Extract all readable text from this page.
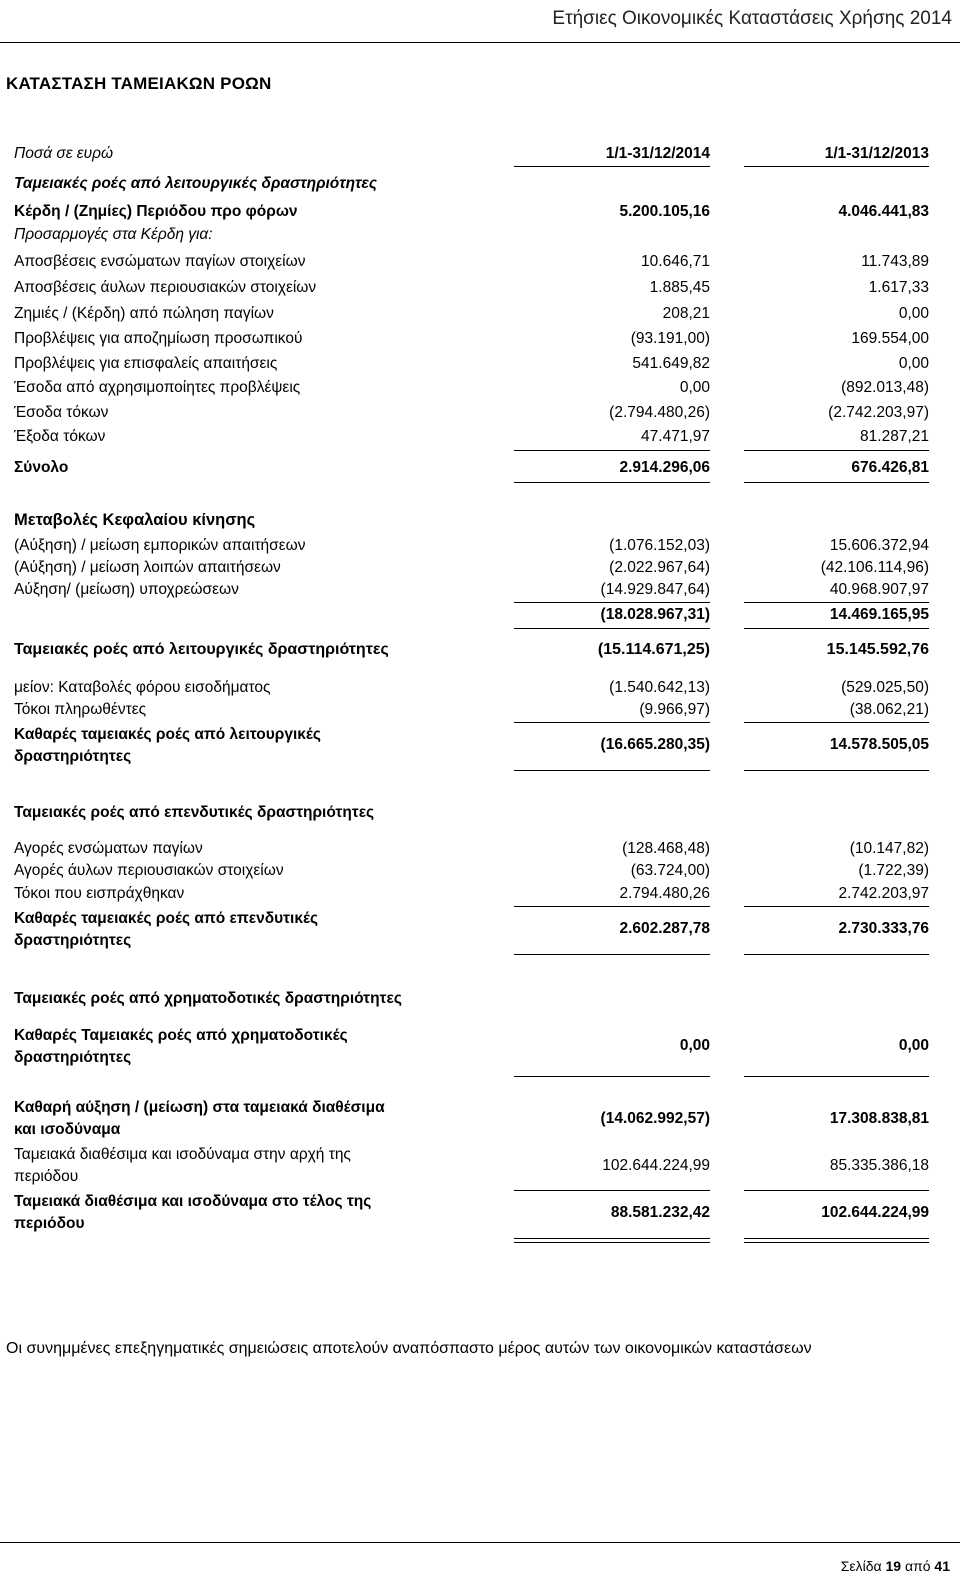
Ετήσιες Οικονομικές Καταστάσεις Χρήσης 2014
ΚΑΤΑΣΤΑΣΗ ΤΑΜΕΙΑΚΩΝ ΡΟΩΝ
Ποσά σε ευρώ	1/1-31/12/2014	1/1-31/12/2013
Ταμειακές ροές από λειτουργικές δραστηριότητες
Κέρδη / (Ζημίες) Περιόδου προ φόρων	5.200.105,16	4.046.441,83
Προσαρμογές στα Κέρδη για:
Αποσβέσεις ενσώματων παγίων στοιχείων	10.646,71	11.743,89
Αποσβέσεις άυλων περιουσιακών στοιχείων	1.885,45	1.617,33
Ζημιές / (Κέρδη) από πώληση παγίων	208,21	0,00
Προβλέψεις για αποζημίωση προσωπικού	(93.191,00)	169.554,00
Προβλέψεις για επισφαλείς απαιτήσεις	541.649,82	0,00
Έσοδα από αχρησιμοποίητες προβλέψεις	0,00	(892.013,48)
Έσοδα τόκων	(2.794.480,26)	(2.742.203,97)
Έξοδα τόκων	47.471,97	81.287,21
Σύνολο	2.914.296,06	676.426,81
Μεταβολές Κεφαλαίου κίνησης
(Αύξηση) / μείωση εμπορικών απαιτήσεων	(1.076.152,03)	15.606.372,94
(Αύξηση) / μείωση λοιπών απαιτήσεων	(2.022.967,64)	(42.106.114,96)
Αύξηση/ (μείωση) υποχρεώσεων	(14.929.847,64)	40.968.907,97
(18.028.967,31)	14.469.165,95
Ταμειακές ροές από λειτουργικές δραστηριότητες	(15.114.671,25)	15.145.592,76
μείον: Καταβολές φόρου εισοδήματος	(1.540.642,13)	(529.025,50)
Τόκοι πληρωθέντες	(9.966,97)	(38.062,21)
Καθαρές ταμειακές ροές από λειτουργικές
δραστηριότητες
(16.665.280,35)	14.578.505,05
Ταμειακές ροές από επενδυτικές δραστηριότητες
Αγορές ενσώματων παγίων	(128.468,48)	(10.147,82)
Αγορές άυλων περιουσιακών στοιχείων	(63.724,00)	(1.722,39)
Τόκοι που εισπράχθηκαν	2.794.480,26	2.742.203,97
Καθαρές ταμειακές ροές από επενδυτικές
δραστηριότητες
2.602.287,78	2.730.333,76
Ταμειακές ροές από χρηματοδοτικές δραστηριότητες
Καθαρές Ταμειακές ροές από χρηματοδοτικές
δραστηριότητες
0,00	0,00
Καθαρή αύξηση / (μείωση) στα ταμειακά διαθέσιμα
και ισοδύναμα
(14.062.992,57)	17.308.838,81
Ταμειακά διαθέσιμα και ισοδύναμα στην αρχή της
περιόδου
102.644.224,99	85.335.386,18
Ταμειακά διαθέσιμα και ισοδύναμα στο τέλος της
περιόδου
88.581.232,42	102.644.224,99
Οι συνημμένες επεξηγηματικές σημειώσεις αποτελούν αναπόσπαστο μέρος αυτών των οικονομικών καταστάσεων
Σελίδα 19 από 41
